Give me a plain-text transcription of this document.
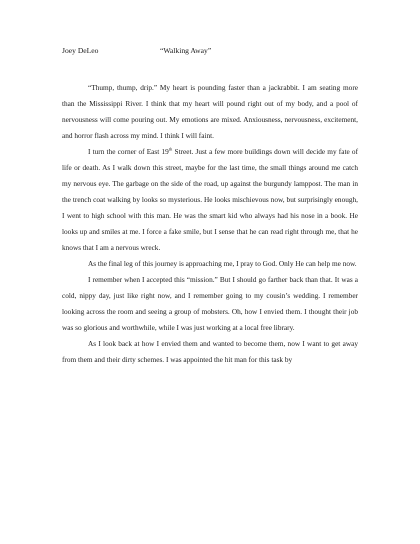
Joey DeLeo	“Walking Away”

“Thump, thump, drip.” My heart is pounding faster than a jackrabbit. I am seating more than the Mississippi River. I think that my heart will pound right out of my body, and a pool of nervousness will come pouring out. My emotions are mixed. Anxiousness, nervousness, excitement, and horror flash across my mind. I think I will faint.

I turn the corner of East 19th Street. Just a few more buildings down will decide my fate of life or death. As I walk down this street, maybe for the last time, the small things around me catch my nervous eye. The garbage on the side of the road, up against the burgundy lamppost. The man in the trench coat walking by looks so mysterious. He looks mischievous now, but surprisingly enough, I went to high school with this man. He was the smart kid who always had his nose in a book. He looks up and smiles at me. I force a fake smile, but I sense that he can read right through me, that he knows that I am a nervous wreck.

As the final leg of this journey is approaching me, I pray to God. Only He can help me now.

I remember when I accepted this “mission.” But I should go farther back than that. It was a cold, nippy day, just like right now, and I remember going to my cousin’s wedding. I remember looking across the room and seeing a group of mobsters. Oh, how I envied them. I thought their job was so glorious and worthwhile, while I was just working at a local free library.

As I look back at how I envied them and wanted to become them, now I want to get away from them and their dirty schemes. I was appointed the hit man for this task by
